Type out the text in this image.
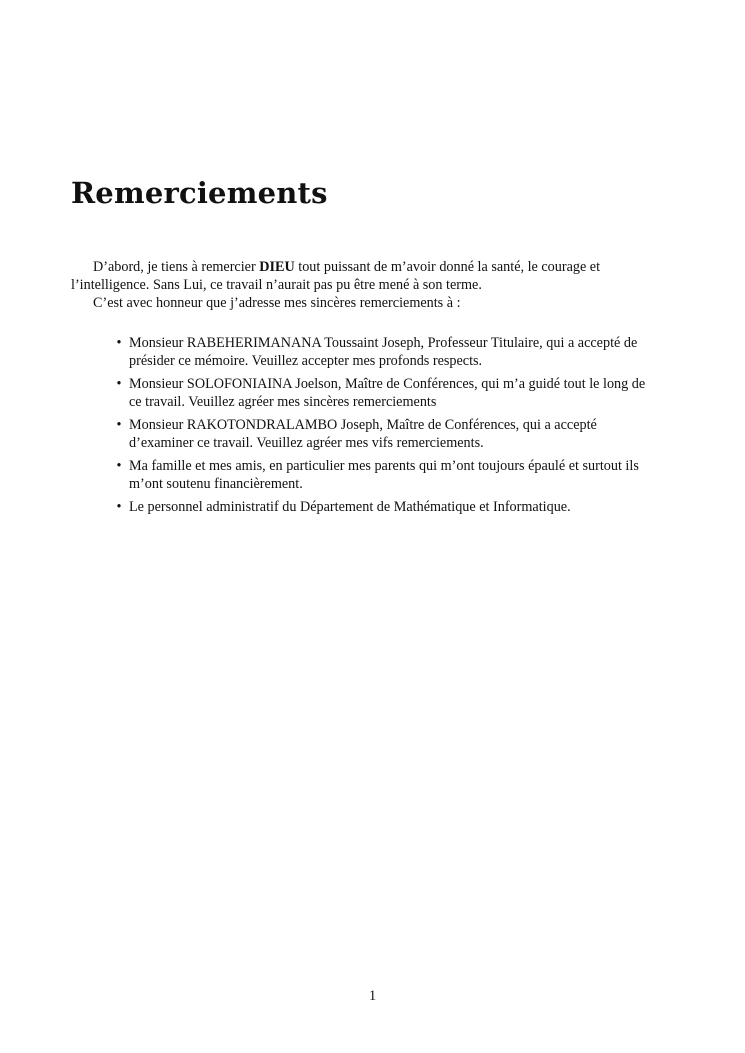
Remerciements

D’abord, je tiens à remercier DIEU tout puissant de m’avoir donné la santé, le courage et l’intelligence. Sans Lui, ce travail n’aurait pas pu être mené à son terme.

C’est avec honneur que j’adresse mes sincères remerciements à :

• Monsieur RABEHERIMANANA Toussaint Joseph, Professeur Titulaire, qui a accepté de présider ce mémoire. Veuillez accepter mes profonds respects.
• Monsieur SOLOFONIAINA Joelson, Maître de Conférences, qui m’a guidé tout le long de ce travail. Veuillez agréer mes sincères remerciements
• Monsieur RAKOTONDRALAMBO Joseph, Maître de Conférences, qui a accepté d’examiner ce travail. Veuillez agréer mes vifs remerciements.
• Ma famille et mes amis, en particulier mes parents qui m’ont toujours épaulé et surtout ils m’ont soutenu financièrement.
• Le personnel administratif du Département de Mathématique et Informatique.
1
